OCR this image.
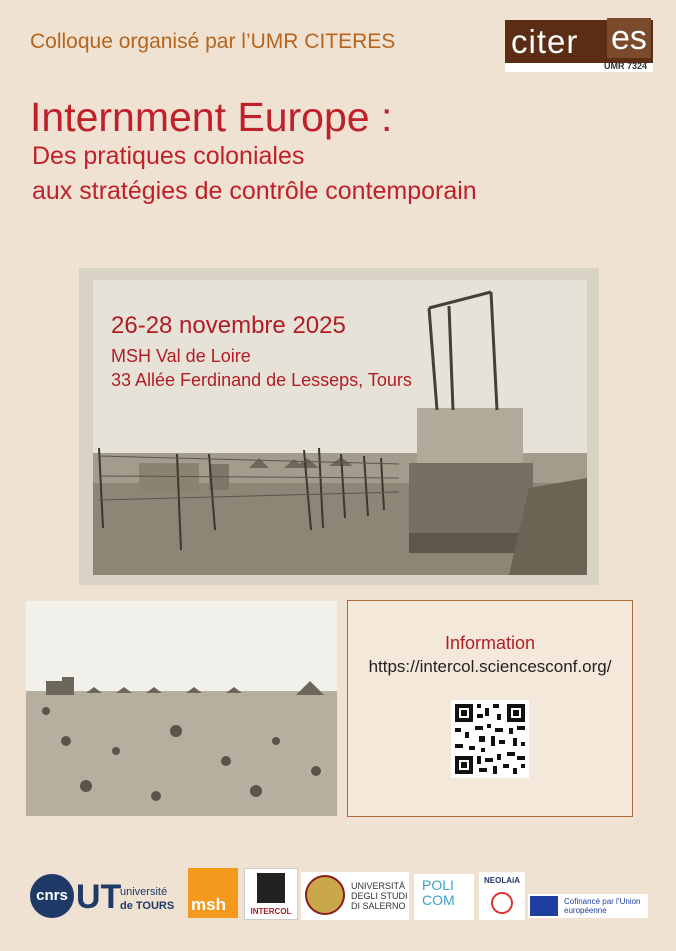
Colloque organisé par l’UMR CITERES	citer es
UMR 7324
Internment Europe :
Des pratiques coloniales
aux stratégies de contrôle contemporain
26-28 novembre 2025
MSH Val de Loire
33 Allée Ferdinand de Lesseps, Tours
Information
https://intercol.sciencesconf.org/
cnrs UT
université
de TOURS msh	INTERCOL
UNIVERSITÀ DEGLI STUDI DI SALERNO
POLI COM
NEOLAiA
Cofinancé par l’Union européenne
